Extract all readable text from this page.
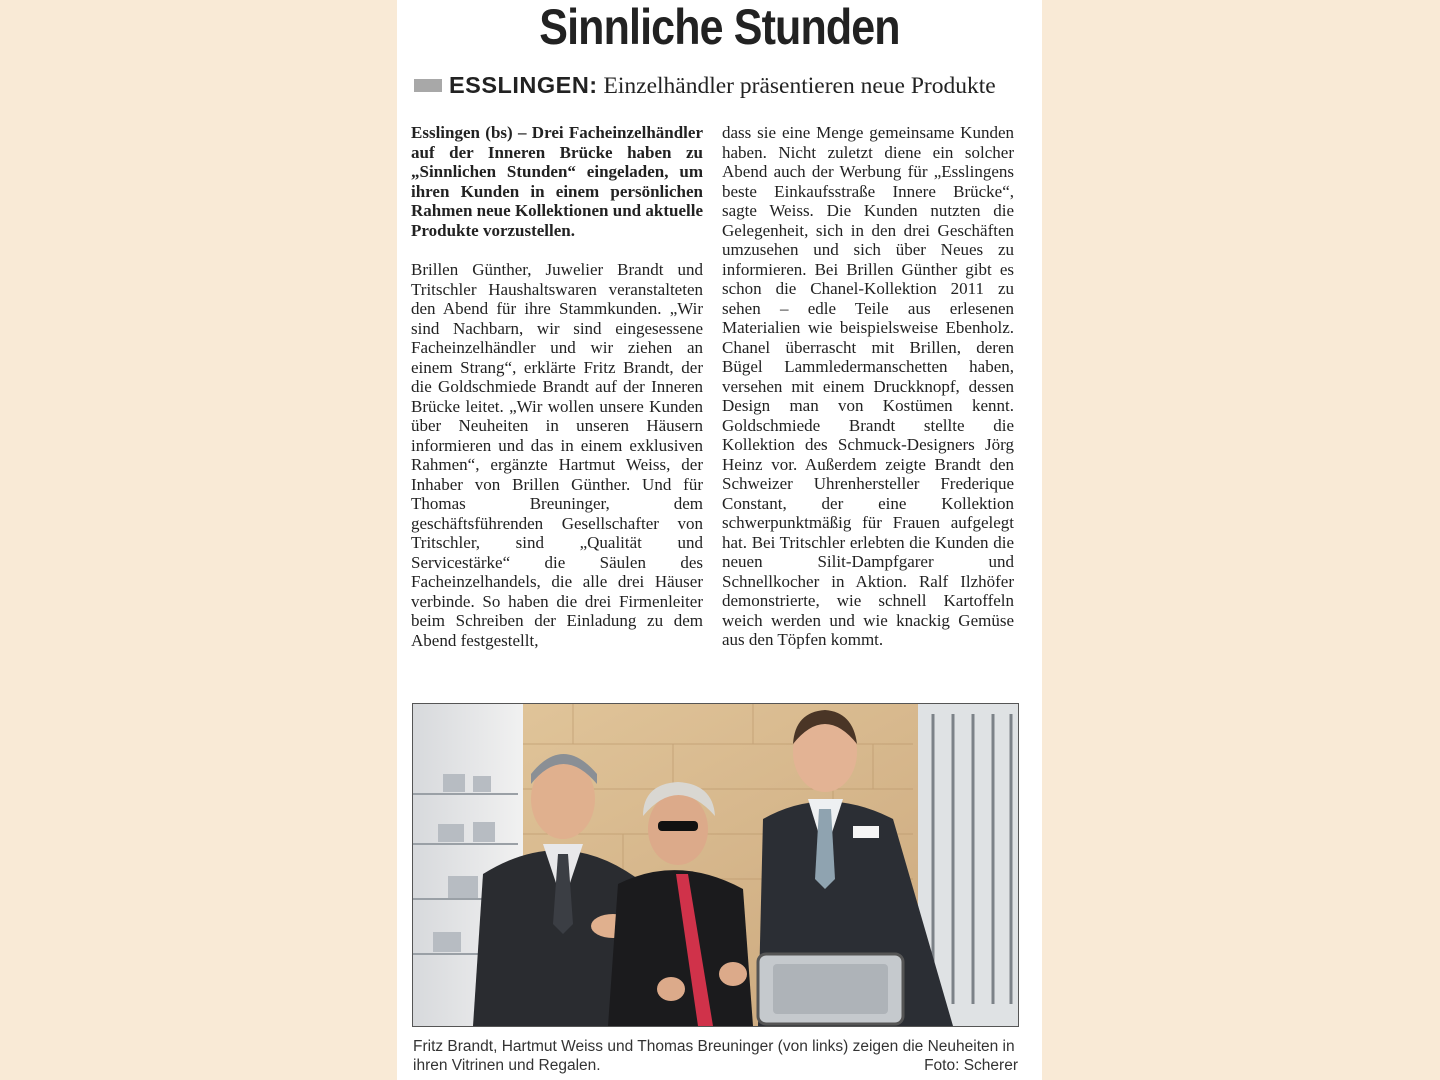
Sinnliche Stunden
ESSLINGEN: Einzelhändler präsentieren neue Produkte

Esslingen (bs) – Drei Facheinzelhändler auf der Inneren Brücke haben zu „Sinnlichen Stunden“ eingeladen, um ihren Kunden in einem persönlichen Rahmen neue Kollektionen und aktuelle Produkte vorzustellen.

Brillen Günther, Juwelier Brandt und Tritschler Haushaltswaren veranstalteten den Abend für ihre Stammkunden. „Wir sind Nachbarn, wir sind eingesessene Facheinzelhändler und wir ziehen an einem Strang“, erklärte Fritz Brandt, der die Goldschmiede Brandt auf der Inneren Brücke leitet. „Wir wollen unsere Kunden über Neuheiten in unseren Häusern informieren und das in einem exklusiven Rahmen“, ergänzte Hartmut Weiss, der Inhaber von Brillen Günther. Und für Thomas Breuninger, dem geschäftsführenden Gesellschafter von Tritschler, sind „Qualität und Servicestärke“ die Säulen des Facheinzelhandels, die alle drei Häuser verbinde. So haben die drei Firmenleiter beim Schreiben der Einladung zu dem Abend festgestellt,

dass sie eine Menge gemeinsame Kunden haben. Nicht zuletzt diene ein solcher Abend auch der Werbung für „Esslingens beste Einkaufsstraße Innere Brücke“, sagte Weiss. Die Kunden nutzten die Gelegenheit, sich in den drei Geschäften umzusehen und sich über Neues zu informieren. Bei Brillen Günther gibt es schon die Chanel-Kollektion 2011 zu sehen – edle Teile aus erlesenen Materialien wie beispielsweise Ebenholz. Chanel überrascht mit Brillen, deren Bügel Lammledermanschetten haben, versehen mit einem Druckknopf, dessen Design man von Kostümen kennt. Goldschmiede Brandt stellte die Kollektion des Schmuck-Designers Jörg Heinz vor. Außerdem zeigte Brandt den Schweizer Uhrenhersteller Frederique Constant, der eine Kollektion schwerpunktmäßig für Frauen aufgelegt hat. Bei Tritschler erlebten die Kunden die neuen Silit-Dampfgarer und Schnellkocher in Aktion. Ralf Ilzhöfer demonstrierte, wie schnell Kartoffeln weich werden und wie knackig Gemüse aus den Töpfen kommt.

Fritz Brandt, Hartmut Weiss und Thomas Breuninger (von links) zeigen die Neuheiten in ihren Vitrinen und Regalen.	Foto: Scherer
